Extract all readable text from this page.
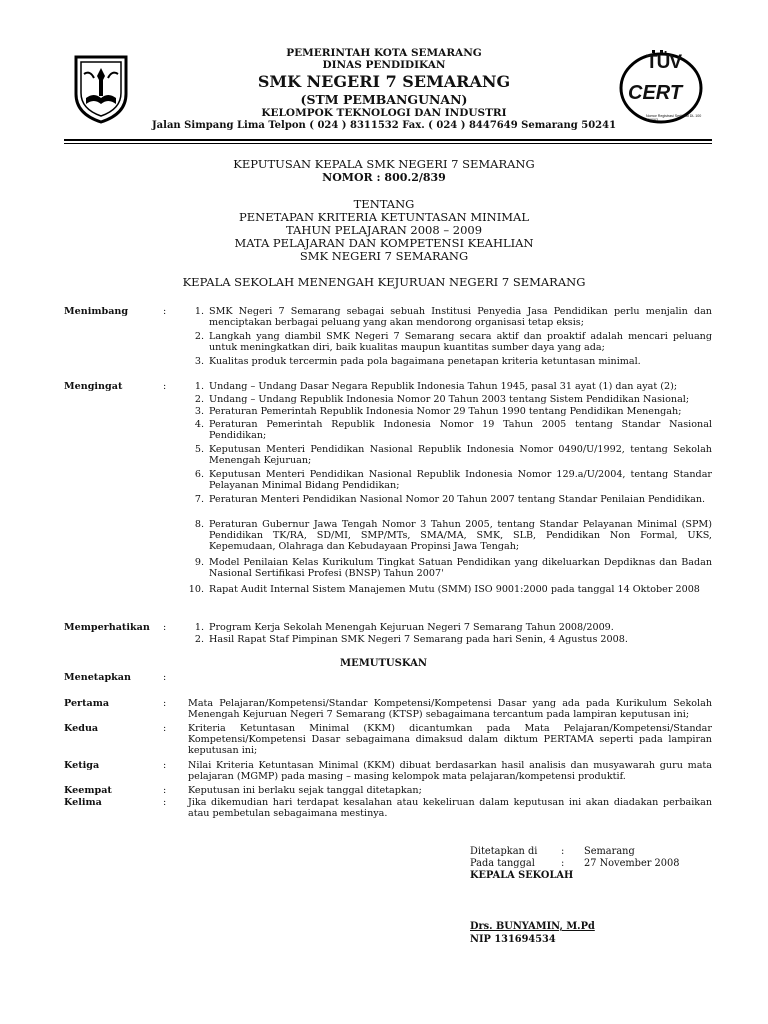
PEMERINTAH KOTA SEMARANG
DINAS PENDIDIKAN
SMK NEGERI 7 SEMARANG
(STM PEMBANGUNAN)
KELOMPOK TEKNOLOGI DAN INDUSTRI
Jalan Simpang Lima Telpon ( 024 ) 8311532 Fax. ( 024 ) 8447649 Semarang 50241
TÜV
CERT
Nomor Registrasi Sertifikat DL 100 059063
KEPUTUSAN KEPALA SMK NEGERI 7 SEMARANG
NOMOR : 800.2/839
TENTANG
PENETAPAN KRITERIA KETUNTASAN MINIMAL
TAHUN PELAJARAN 2008 – 2009
MATA PELAJARAN DAN KOMPETENSI KEAHLIAN
SMK NEGERI 7 SEMARANG
KEPALA SEKOLAH MENENGAH KEJURUAN NEGERI 7 SEMARANG
Menimbang	:	1. SMK Negeri 7 Semarang sebagai sebuah Institusi Penyedia Jasa Pendidikan perlu menjalin dan menciptakan berbagai peluang yang akan mendorong organisasi tetap eksis;
2. Langkah yang diambil SMK Negeri 7 Semarang secara aktif dan proaktif adalah mencari peluang untuk meningkatkan diri, baik kualitas maupun kuantitas sumber daya yang ada;
3. Kualitas produk tercermin pada pola bagaimana penetapan kriteria ketuntasan minimal.
Mengingat	:	1. Undang – Undang Dasar Negara Republik Indonesia Tahun 1945, pasal 31 ayat (1) dan ayat (2);
2. Undang – Undang Republik Indonesia Nomor 20 Tahun 2003 tentang Sistem Pendidikan Nasional;
3. Peraturan Pemerintah Republik Indonesia Nomor 29 Tahun 1990 tentang Pendidikan Menengah;
4. Peraturan Pemerintah Republik Indonesia Nomor 19 Tahun 2005 tentang Standar Nasional Pendidikan;
5. Keputusan Menteri Pendidikan Nasional Republik Indonesia Nomor 0490/U/1992, tentang Sekolah Menengah Kejuruan;
6. Keputusan Menteri Pendidikan Nasional Republik Indonesia Nomor 129.a/U/2004, tentang Standar Pelayanan Minimal Bidang Pendidikan;
7. Peraturan Menteri Pendidikan Nasional Nomor 20 Tahun 2007 tentang Standar Penilaian Pendidikan.
8. Peraturan Gubernur Jawa Tengah Nomor 3 Tahun 2005, tentang Standar Pelayanan Minimal (SPM) Pendidikan TK/RA, SD/MI, SMP/MTs, SMA/MA, SMK, SLB, Pendidikan Non Formal, UKS, Kepemudaan, Olahraga dan Kebudayaan Propinsi Jawa Tengah;
9. Model Penilaian Kelas Kurikulum Tingkat Satuan Pendidikan yang dikeluarkan Depdiknas dan Badan Nasional Sertifikasi Profesi (BNSP) Tahun 2007'
10. Rapat Audit Internal Sistem Manajemen Mutu (SMM) ISO 9001:2000 pada tanggal 14 Oktober 2008
Memperhatikan :	1. Program Kerja Sekolah Menengah Kejuruan Negeri 7 Semarang Tahun 2008/2009.
2. Hasil Rapat Staf Pimpinan SMK Negeri 7 Semarang pada hari Senin, 4 Agustus 2008.
MEMUTUSKAN
Menetapkan	:
Pertama	: Mata Pelajaran/Kompetensi/Standar Kompetensi/Kompetensi Dasar yang ada pada Kurikulum Sekolah Menengah Kejuruan Negeri 7 Semarang (KTSP) sebagaimana tercantum pada lampiran keputusan ini;
Kedua	: Kriteria Ketuntasan Minimal (KKM) dicantumkan pada Mata Pelajaran/Kompetensi/Standar Kompetensi/Kompetensi Dasar sebagaimana dimaksud dalam diktum PERTAMA seperti pada lampiran keputusan ini;
Ketiga	: Nilai Kriteria Ketuntasan Minimal (KKM) dibuat berdasarkan hasil analisis dan musyawarah guru mata pelajaran (MGMP) pada masing – masing kelompok mata pelajaran/kompetensi produktif.
Keempat	: Keputusan ini berlaku sejak tanggal ditetapkan;
Kelima	: Jika dikemudian hari terdapat kesalahan atau kekeliruan dalam keputusan ini akan diadakan perbaikan atau pembetulan sebagaimana mestinya.
Ditetapkan di : Semarang
Pada tanggal	: 27 November 2008
KEPALA SEKOLAH
Drs. BUNYAMIN, M.Pd
NIP 131694534
